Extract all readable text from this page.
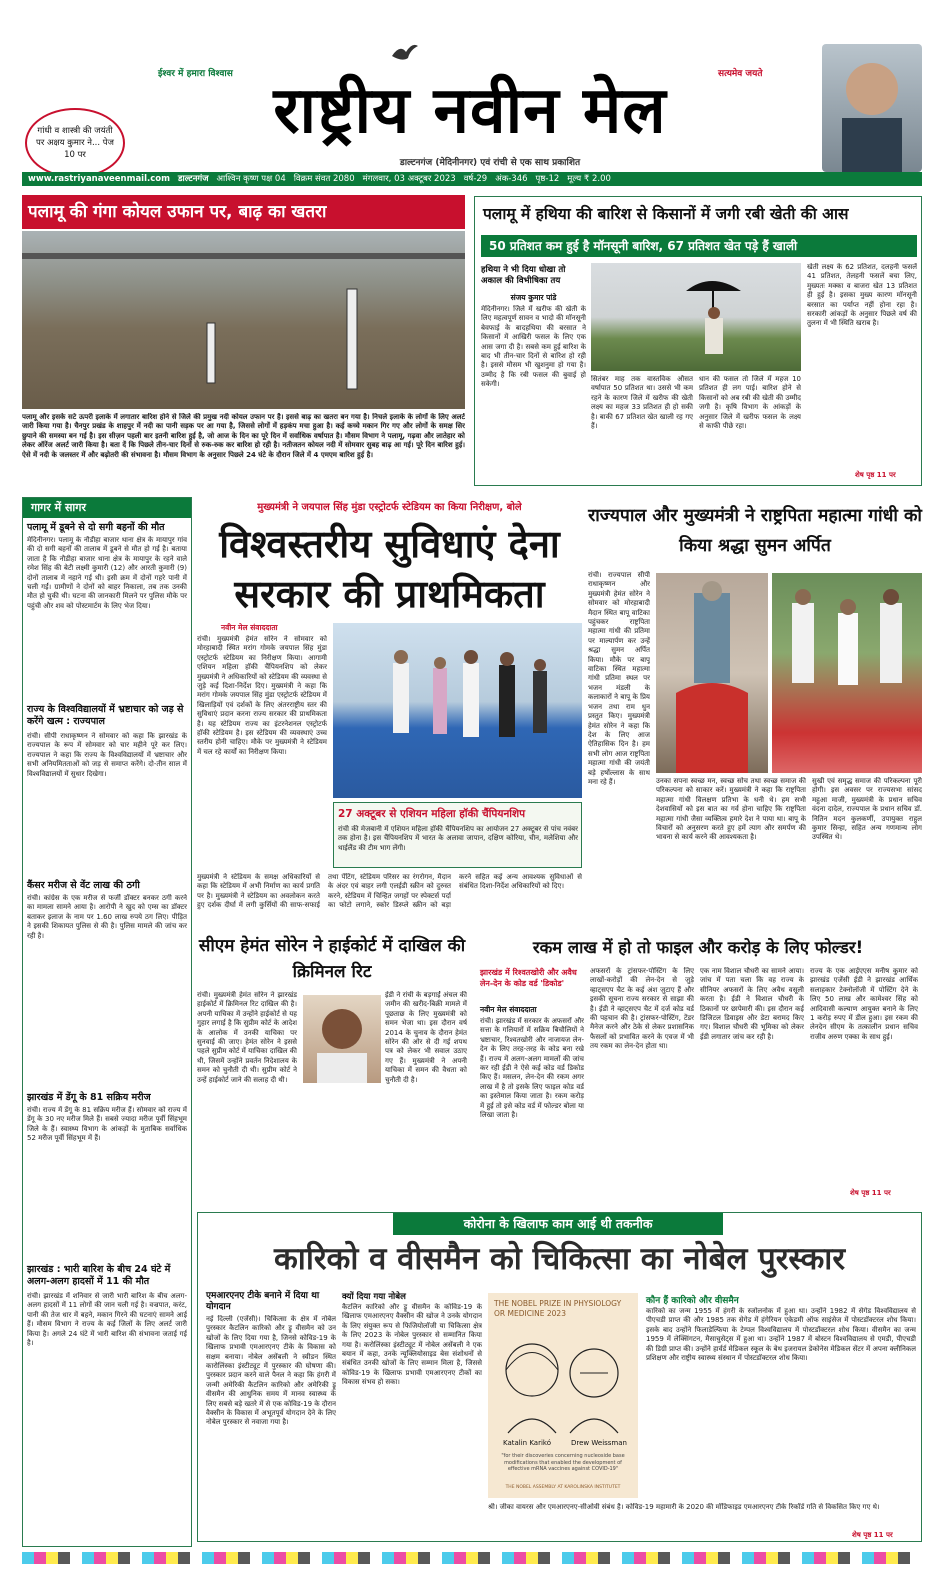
गांधी व शास्त्री की जयंती पर अक्षय कुमार ने... पेज 10 पर
ईश्वर में हमारा विश्वास राष्ट्रीय नवीन मेल	सत्यमेव जयते
डाल्टनगंज (मेदिनीनगर) एवं रांची से एक साथ प्रकाशित
www.rastriyanaveenmail.com डाल्टनगंज आश्विन कृष्ण पक्ष 04 विक्रम संवत 2080 मंगलवार, 03 अक्टूबर 2023 वर्ष-29 अंक-346 पृष्ठ-12 मूल्य ₹ 2.00
पलामू की गंगा कोयल उफान पर, बाढ़ का खतरा
पलामू और इसके सटे ऊपरी इलाके में लगातार बारिश होने से जिले की प्रमुख नदी कोयल उफान पर है। इससे बाढ़ का खतरा बन गया है। निचले इलाके के लोगों के लिए अलर्ट जारी किया गया है। चैनपुर प्रखंड के शाहपुर में नदी का पानी सड़क पर आ गया है, जिससे लोगों में हड़कंप मचा हुआ है। कई कच्चे मकान गिर गए और लोगों के समक्ष सिर छुपाने की समस्या बन गई है। इस सीज़न पहली बार इतनी बारिश हुई है, जो आज के दिन का पूरे दिन में सर्वाधिक वर्षापात है। मौसम विभाग ने पलामू, गढ़वा और लातेहार को लेकर ऑरेंज अलर्ट जारी किया है। बता दें कि पिछले तीन-चार दिनों से रुक-रुक कर बारिश हो रही है। नतीजतन कोयल नदी में सोमवार सुबह बाढ़ आ गई। पूरे दिन बारिश हुई। ऐसे में नदी के जलस्तर में और बढ़ोतरी की संभावना है। मौसम विभाग के अनुसार पिछले 24 घंटे के दौरान जिले में 4 एमएम बारिश हुई है।
पलामू में हथिया की बारिश से किसानों में जगी रबी खेती की आस
50 प्रतिशत कम हुई है मॉनसूनी बारिश, 67 प्रतिशत खेत पड़े हैं खाली
हथिया ने भी दिया धोखा तो अकाल की विभीषिका तय
संजय कुमार पांडे
मेदिनीनगर। जिले में खरीफ की खेती के लिए महत्वपूर्ण सावन व भादो की मॉनसूनी बेवफाई के बादहथिया की बरसात ने किसानों में आखिरी फसल के लिए एक आस जगा दी है। सबसे कम हुई बारिश के बाद भी तीन-चार दिनों से बारिश हो रही है। इससे मौसम भी खुशनुमा हो गया है। उम्मीद है कि रबी फसल की बुवाई हो सकेगी।
सितंबर माह तक वास्तविक औसत वर्षापात 50 प्रतिशत था। उससे भी कम रहने के कारण जिले में खरीफ की खेती लक्ष्य का महज 33 प्रतिशत ही हो सकी है। बाकी 67 प्रतिशत खेत खाली रह गए हैं।
धान की फसल तो जिले में महज 10 प्रतिशत ही लग पाई। बारिश होने से किसानों को अब रबी की खेती की उम्मीद जगी है। कृषि विभाग के आंकड़ों के अनुसार जिले में खरीफ फसल के लक्ष्य से काफी पीछे रहा।
खेती लक्ष्य के 62 प्रतिशत, दलहनी फसलें 41 प्रतिशत, तेलहनी फसलें बचा लिए, मुख्यतः मक्का व बाजरा खेत 13 प्रतिशत ही हुई है। इसका मुख्य कारण मॉनसूनी बरसात का पर्याप्त नहीं होना रहा है। सरकारी आंकड़ों के अनुसार पिछले वर्ष की तुलना में भी स्थिति खराब है।
शेष पृष्ठ 11 पर
गागर में सागर
पलामू में डूबने से दो सगी बहनों की मौत
मेदिनीनगर। पलामू के नौडीहा बाजार थाना क्षेत्र के मायापुर गांव की दो सगी बहनों की तालाब में डूबने से मौत हो गई है। बताया जाता है कि नौडीहा बाजार थाना क्षेत्र के मायापुर के रहने वाले रमेश सिंह की बेटी लक्ष्मी कुमारी (12) और आरती कुमारी (9) दोनों तालाब में नहाने गई थी। इसी क्रम में दोनों गहरे पानी में चली गईं। ग्रामीणों ने दोनों को बाहर निकाला, तब तक उनकी मौत हो चुकी थी। घटना की जानकारी मिलने पर पुलिस मौके पर पहुंची और शव को पोस्टमार्टम के लिए भेज दिया।
राज्य के विश्वविद्यालयों में भ्रष्टाचार को जड़ से करेंगे खत्म : राज्यपाल
रांची। सीपी राधाकृष्णन ने सोमवार को कहा कि झारखंड के राज्यपाल के रूप में सोमवार को चार महीने पूरे कर लिए। राज्यपाल ने कहा कि राज्य के विश्वविद्यालयों में भ्रष्टाचार और सभी अनियमितताओं को जड़ से समाप्त करेंगे। दो-तीन साल में विश्वविद्यालयों में सुधार दिखेगा।
कैंसर मरीज से वेंट लाख की ठगी
रांची। कांग्रेस के एक मरीज से फर्जी डॉक्टर बनकर ठगी करने का मामला सामने आया है। आरोपी ने खुद को एम्स का डॉक्टर बताकर इलाज के नाम पर 1.60 लाख रुपये ठग लिए। पीड़ित ने इसकी शिकायत पुलिस से की है। पुलिस मामले की जांच कर रही है।
झारखंड में डेंगू के 81 सक्रिय मरीज
रांची। राज्य में डेंगू के 81 सक्रिय मरीज हैं। सोमवार को राज्य में डेंगू के 30 नए मरीज मिले हैं। सबसे ज्यादा मरीज पूर्वी सिंहभूम जिले के हैं। स्वास्थ्य विभाग के आंकड़ों के मुताबिक सर्वाधिक 52 मरीज पूर्वी सिंहभूम में हैं।
झारखंड : भारी बारिश के बीच 24 घंटे में अलग-अलग हादसों में 11 की मौत
रांची। झारखंड में शनिवार से जारी भारी बारिश के बीच अलग-अलग हादसों में 11 लोगों की जान चली गई है। वज्रपात, करंट, पानी की तेज धार में बहने, मकान गिरने की घटनाएं सामने आई हैं। मौसम विभाग ने राज्य के कई जिलों के लिए अलर्ट जारी किया है। अगले 24 घंटे में भारी बारिश की संभावना जताई गई है।
मुख्यमंत्री ने जयपाल सिंह मुंडा एस्ट्रोटर्फ स्टेडियम का किया निरीक्षण, बोले
विश्वस्तरीय सुविधाएं देना
सरकार की प्राथमिकता
नवीन मेल संवाददाता
रांची। मुख्यमंत्री हेमंत सोरेन ने सोमवार को मोरहाबादी स्थित मरांग गोमके जयपाल सिंह मुंडा एस्ट्रोटर्फ स्टेडियम का निरीक्षण किया। आगामी एशियन महिला हॉकी चैंपियनशिप को लेकर मुख्यमंत्री ने अधिकारियों को स्टेडियम की व्यवस्था से जुड़े कई दिशा-निर्देश दिए। मुख्यमंत्री ने कहा कि मरांग गोमके जयपाल सिंह मुंडा एस्ट्रोटर्फ स्टेडियम में खिलाड़ियों एवं दर्शकों के लिए अंतरराष्ट्रीय स्तर की सुविधाएं प्रदान करना राज्य सरकार की प्राथमिकता है। यह स्टेडियम राज्य का इंटरनेशनल एस्ट्रोटर्फ हॉकी स्टेडियम है। इस स्टेडियम की व्यवस्थाएं उच्च स्तरीय होनी चाहिए। मौके पर मुख्यमंत्री ने स्टेडियम में चल रहे कार्यों का निरीक्षण किया।
27 अक्टूबर से एशियन महिला हॉकी चैंपियनशिप
रांची की मेजबानी में एशियन महिला हॉकी चैंपियनशिप का आयोजन 27 अक्टूबर से पांच नवंबर तक होना है। इस चैंपियनशिप में भारत के अलावा जापान, दक्षिण कोरिया, चीन, मलेशिया और थाईलैंड की टीम भाग लेंगी।
मुख्यमंत्री ने स्टेडियम के समक्ष अधिकारियों से कहा कि स्टेडियम में अभी निर्माण का कार्य प्रगति पर है। मुख्यमंत्री ने स्टेडियम का अवलोकन करते हुए दर्शक दीर्घा में लगी कुर्सियों की साफ-सफाई तथा पेंटिंग, स्टेडियम परिसर का रंगरोगन, मैदान के अंदर एवं बाहर लगी एलईडी स्क्रीन को दुरुस्त करने, स्टेडियम में चिन्हित जगहों पर स्पेक्टर्स पर्दा का फोटो लगाने, स्कोर डिस्प्ले स्क्रीन को बड़ा करने सहित कई अन्य आवश्यक सुविधाओं से संबंधित दिशा-निर्देश अधिकारियों को दिए।
राज्यपाल और मुख्यमंत्री ने राष्ट्रपिता महात्मा गांधी को किया श्रद्धा सुमन अर्पित
रांची। राज्यपाल सीपी राधाकृष्णन और मुख्यमंत्री हेमंत सोरेन ने सोमवार को मोरहाबादी मैदान स्थित बापू वाटिका पहुंचकर राष्ट्रपिता महात्मा गांधी की प्रतिमा पर माल्यार्पण कर उन्हें श्रद्धा सुमन अर्पित किया। मौके पर बापू वाटिका स्थित महात्मा गांधी प्रतिमा स्थल पर भजन मंडली के कलाकारों ने बापू के प्रिय भजन तथा राम धुन प्रस्तुत किए। मुख्यमंत्री हेमंत सोरेन ने कहा कि देश के लिए आज ऐतिहासिक दिन है। हम सभी लोग आज राष्ट्रपिता महात्मा गांधी की जयंती बड़े हर्षोल्लास के साथ मना रहे हैं।	उनका सपना स्वच्छ मन, स्वच्छ सोच तथा स्वच्छ समाज की परिकल्पना को साकार करें। मुख्यमंत्री ने कहा कि राष्ट्रपिता महात्मा गांधी विलक्षण प्रतिभा के धनी थे। हम सभी देशवासियों को इस बात का गर्व होना चाहिए कि राष्ट्रपिता महात्मा गांधी जैसा व्यक्तित्व हमारे देश ने पाया था। बापू के विचारों को अनुसरण करते हुए हमें त्याग और समर्पण की भावना से कार्य करने की आवश्यकता है।
सुखी एवं समृद्ध समाज की परिकल्पना पूरी होगी। इस अवसर पर राज्यसभा सांसद महुआ माजी, मुख्यमंत्री के प्रधान सचिव वंदना दादेल, राज्यपाल के प्रधान सचिव डॉ. नितिन मदन कुलकर्णी, उपायुक्त राहुल कुमार सिन्हा, सहित अन्य गणमान्य लोग उपस्थित थे।
सीएम हेमंत सोरेन ने हाईकोर्ट में दाखिल की क्रिमिनल रिट
रांची। मुख्यमंत्री हेमंत सोरेन ने झारखंड हाईकोर्ट में क्रिमिनल रिट दाखिल की है। अपनी याचिका में उन्होंने हाईकोर्ट से यह गुहार लगाई है कि सुप्रीम कोर्ट के आदेश के आलोक में उनकी याचिका पर सुनवाई की जाए। हेमंत सोरेन ने इससे पहले सुप्रीम कोर्ट में याचिका दाखिल की थी, जिसमें उन्होंने प्रवर्तन निदेशालय के समन को चुनौती दी थी। सुप्रीम कोर्ट ने उन्हें हाईकोर्ट जाने की सलाह दी थी।
ईडी ने रांची के बड़गाईं अंचल की जमीन की खरीद-बिक्री मामले में पूछताछ के लिए मुख्यमंत्री को समन भेजा था। इस दौरान वर्ष 2014 के चुनाव के दौरान हेमंत सोरेन की ओर से दी गई शपथ पत्र को लेकर भी सवाल उठाए गए हैं। मुख्यमंत्री ने अपनी याचिका में समन की वैधता को चुनौती दी है।
रकम लाख में हो तो फाइल और करोड़ के लिए फोल्डर!
झारखंड में रिश्वतखोरी और अवैध लेन-देन के कोड वर्ड 'डिकोड'
नवीन मेल संवाददाता
रांची। झारखंड में सरकार के अफसरों और सत्ता के गलियारों में सक्रिय बिचौलियों ने भ्रष्टाचार, रिश्वतखोरी और नाजायज लेन-देन के लिए तरह-तरह के कोड बना रखे हैं। राज्य में अलग-अलग मामलों की जांच कर रही ईडी ने ऐसे कई कोड वर्ड डिकोड किए हैं। मसलन, लेन-देन की रकम अगर लाख में है तो इसके लिए फाइल कोड वर्ड का इस्तेमाल किया जाता है। रकम करोड़ में हुई तो इसे कोड वर्ड में फोल्डर बोला या लिखा जाता है।
अफसरों के ट्रांसफर-पोस्टिंग के लिए लाखों-करोड़ों की लेन-देन से जुड़े व्हाट्सएप चैट के कई अंश जुटाए हैं और इसकी सूचना राज्य सरकार से साझा की है। ईडी ने व्हाट्सएप चैट में दर्ज कोड वर्ड की पहचान की है। ट्रांसफर-पोस्टिंग, टेंडर मैनेज करने और ठेके से लेकर प्रशासनिक फैसलों को प्रभावित करने के एवज में भी तय रकम का लेन-देन होता था।
एक नाम विशाल चौधरी का सामने आया। जांच में पता चला कि वह राज्य के सीनियर अफसरों के लिए अवैध वसूली करता है। ईडी ने विशाल चौधरी के ठिकानों पर छापेमारी की। इस दौरान कई डिजिटल डिवाइस और डेटा बरामद किए गए। विशाल चौधरी की भूमिका को लेकर ईडी लगातार जांच कर रही है।
राज्य के एक आईएएस मनीष कुमार को झारखंड एजेंसी ईडी ने झारखंड आर्थिक सलाहकार टेक्नोलॉजी में पोस्टिंग देने के लिए 50 लाख और कामेश्वर सिंह को आदिवासी कल्याण आयुक्त बनाने के लिए 1 करोड़ रुपए में डील हुआ। इस रकम की लेनदेन सीएम के तत्कालीन प्रधान सचिव राजीव अरुण एक्का के साथ हुई।
शेष पृष्ठ 11 पर
कोरोना के खिलाफ काम आई थी तकनीक
कारिको व वीसमैन को चिकित्सा का नोबेल पुरस्कार
एमआरएनए टीके बनाने में दिया था योगदान
नई दिल्ली (एजेंसी)। चिकित्सा के क्षेत्र में नोबेल पुरस्कार कैटलिन कारिको और ड्रू वीसमैन को उन खोजों के लिए दिया गया है, जिनसे कोविड-19 के खिलाफ प्रभावी एमआरएनए टीके के विकास को सक्षम बनाया। नोबेल असेंबली ने स्वीडन स्थित कारोलिंस्का इंस्टीट्यूट में पुरस्कार की घोषणा की। पुरस्कार प्रदान करने वाले पैनल ने कहा कि हंगरी में जन्मी अमेरिकी कैटलिन कारिको और अमेरिकी ड्रू वीसमैन की आधुनिक समय में मानव स्वास्थ्य के लिए सबसे बड़े खतरे में से एक कोविड-19 के दौरान वैक्सीन के विकास में अभूतपूर्व योगदान देने के लिए नोबेल पुरस्कार से नवाजा गया है।
क्यों दिया गया नोबेल
कैटलिन कारिको और ड्रू वीसमैन के कोविड-19 के खिलाफ एमआरएनए वैक्सीन की खोज ने उनके योगदान के लिए संयुक्त रूप से फिजियोलॉजी या चिकित्सा क्षेत्र के लिए 2023 के नोबेल पुरस्कार से सम्मानित किया गया है। करोलिंस्का इंस्टीट्यूट में नोबेल असेंबली ने एक बयान में कहा, उनके न्यूक्लियोसाइड बेस संशोधनों से संबंधित उनकी खोजों के लिए सम्मान मिला है, जिससे कोविड-19 के खिलाफ प्रभावी एमआरएनए टीकों का विकास संभव हो सका।
THE NOBEL PRIZE IN PHYSIOLOGY OR MEDICINE 2023
Katalin Karikó	Drew Weissman
"for their discoveries concerning nucleoside base modifications that enabled the development of effective mRNA vaccines against COVID-19"
THE NOBEL ASSEMBLY AT KAROLINSKA INSTITUTET
श्री। जीका वायरस और एमआरएनए-सीओवी संबंध है। कोविड-19 महामारी के 2020 की मॉडिफाइड एमआरएनए टीके रिकॉर्ड गति से विकसित किए गए थे।
कौन हैं कारिको और वीसमैन
कारिको का जन्म 1955 में हंगरी के स्जोलनोक में हुआ था। उन्होंने 1982 में सेगेड विश्वविद्यालय से पीएचडी प्राप्त की और 1985 तक सेगेड में हंगेरियन एकेडमी ऑफ साइंसेज में पोस्टडॉक्टरल शोध किया। इसके बाद उन्होंने फिलाडेल्फिया के टेम्पल विश्वविद्यालय में पोस्टडॉक्टरल शोध किया। वीसमैन का जन्म 1959 में लेक्सिंगटन, मैसाचुसेट्स में हुआ था। उन्होंने 1987 में बोस्टन विश्वविद्यालय से एमडी, पीएचडी की डिग्री प्राप्त की। उन्होंने हार्वर्ड मेडिकल स्कूल के बेथ इजरायल डेकोनेस मेडिकल सेंटर में अपना क्लीनिकल प्रशिक्षण और राष्ट्रीय स्वास्थ्य संस्थान में पोस्टडॉक्टरल शोध किया।
शेष पृष्ठ 11 पर
